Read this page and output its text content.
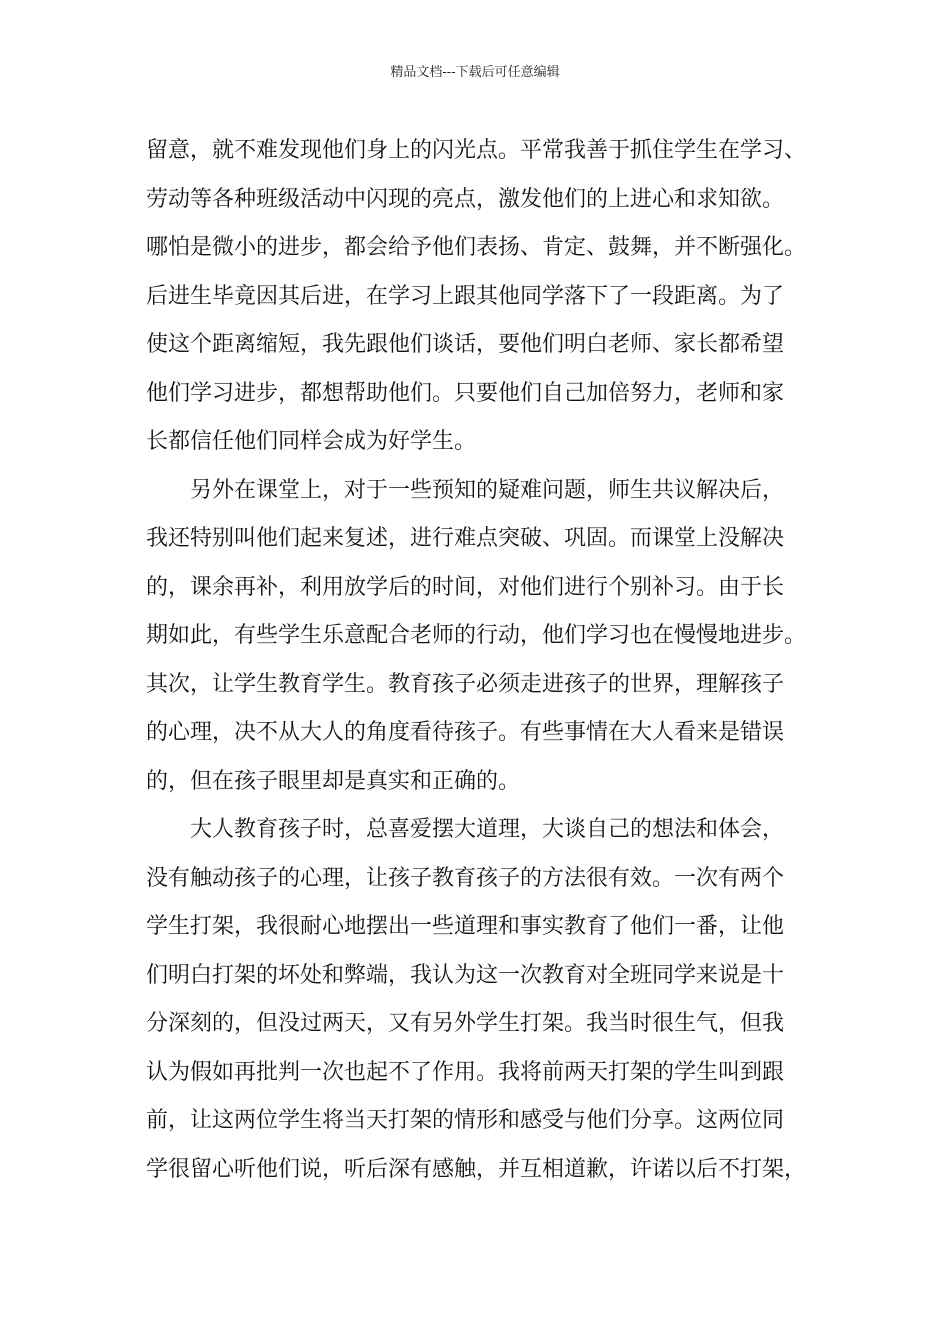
精品文档---下载后可任意编辑
留意，就不难发现他们身上的闪光点。平常我善于抓住学生在学习、
劳动等各种班级活动中闪现的亮点，激发他们的上进心和求知欲。
哪怕是微小的进步，都会给予他们表扬、肯定、鼓舞，并不断强化。
后进生毕竟因其后进，在学习上跟其他同学落下了一段距离。为了
使这个距离缩短，我先跟他们谈话，要他们明白老师、家长都希望
他们学习进步，都想帮助他们。只要他们自己加倍努力，老师和家
长都信任他们同样会成为好学生。
另外在课堂上，对于一些预知的疑难问题，师生共议解决后，
我还特别叫他们起来复述，进行难点突破、巩固。而课堂上没解决
的，课余再补，利用放学后的时间，对他们进行个别补习。由于长
期如此，有些学生乐意配合老师的行动，他们学习也在慢慢地进步。
其次，让学生教育学生。教育孩子必须走进孩子的世界，理解孩子
的心理，决不从大人的角度看待孩子。有些事情在大人看来是错误
的，但在孩子眼里却是真实和正确的。
大人教育孩子时，总喜爱摆大道理，大谈自己的想法和体会，
没有触动孩子的心理，让孩子教育孩子的方法很有效。一次有两个
学生打架，我很耐心地摆出一些道理和事实教育了他们一番，让他
们明白打架的坏处和弊端，我认为这一次教育对全班同学来说是十
分深刻的，但没过两天，又有另外学生打架。我当时很生气，但我
认为假如再批判一次也起不了作用。我将前两天打架的学生叫到跟
前，让这两位学生将当天打架的情形和感受与他们分享。这两位同
学很留心听他们说，听后深有感触，并互相道歉，许诺以后不打架，
